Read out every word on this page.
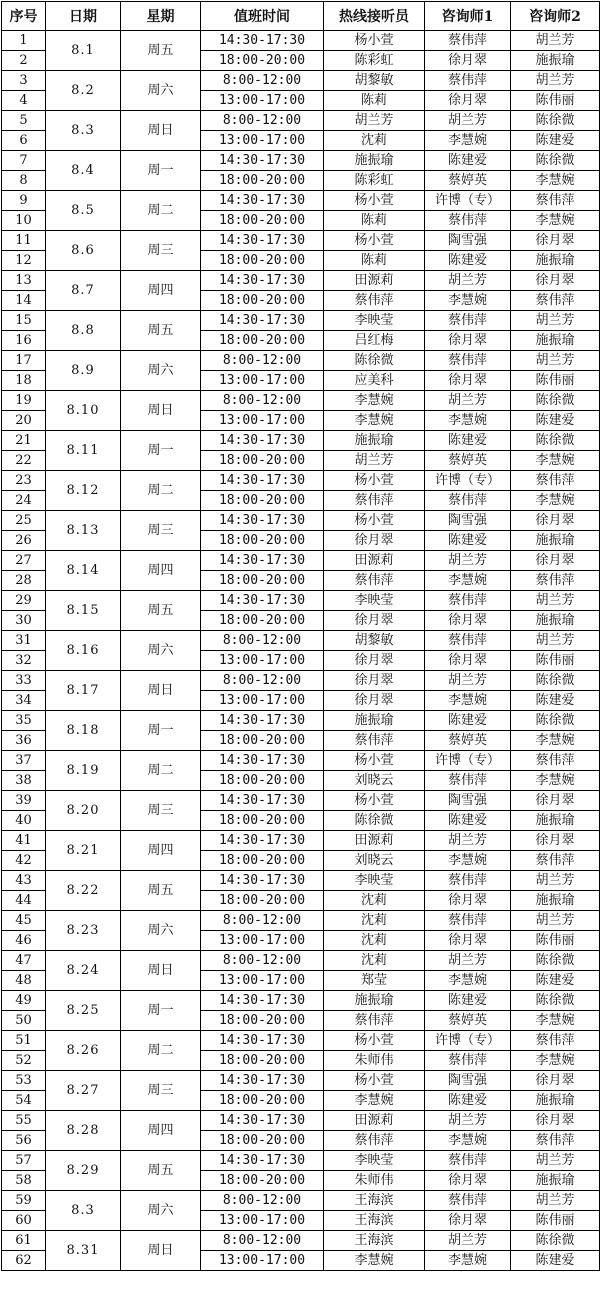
序号	日期	星期	值班时间	热线接听员	咨询师1	咨询师2
1	8.1	周五	14:30-17:30	杨小萱	蔡伟萍	胡兰芳
2			18:00-20:00	陈彩虹	徐月翠	施振瑜
3	8.2	周六	8:00-12:00	胡黎敏	蔡伟萍	胡兰芳
4			13:00-17:00	陈莉	徐月翠	陈伟丽
5	8.3	周日	8:00-12:00	胡兰芳	胡兰芳	陈徐微
6			13:00-17:00	沈莉	李慧婉	陈建爱
7	8.4	周一	14:30-17:30	施振瑜	陈建爱	陈徐微
8			18:00-20:00	陈彩虹	蔡婷英	李慧婉
9	8.5	周二	14:30-17:30	杨小萱	许博（专）	蔡伟萍
10			18:00-20:00	陈莉	蔡伟萍	李慧婉
11	8.6	周三	14:30-17:30	杨小萱	陶雪强	徐月翠
12			18:00-20:00	陈莉	陈建爱	施振瑜
13	8.7	周四	14:30-17:30	田源莉	胡兰芳	徐月翠
14			18:00-20:00	蔡伟萍	李慧婉	蔡伟萍
15	8.8	周五	14:30-17:30	李映莹	蔡伟萍	胡兰芳
16			18:00-20:00	吕红梅	徐月翠	施振瑜
17	8.9	周六	8:00-12:00	陈徐微	蔡伟萍	胡兰芳
18			13:00-17:00	应美科	徐月翠	陈伟丽
19	8.10	周日	8:00-12:00	李慧婉	胡兰芳	陈徐微
20			13:00-17:00	李慧婉	李慧婉	陈建爱
21	8.11	周一	14:30-17:30	施振瑜	陈建爱	陈徐微
22			18:00-20:00	胡兰芳	蔡婷英	李慧婉
23	8.12	周二	14:30-17:30	杨小萱	许博（专）	蔡伟萍
24			18:00-20:00	蔡伟萍	蔡伟萍	李慧婉
25	8.13	周三	14:30-17:30	杨小萱	陶雪强	徐月翠
26			18:00-20:00	徐月翠	陈建爱	施振瑜
27	8.14	周四	14:30-17:30	田源莉	胡兰芳	徐月翠
28			18:00-20:00	蔡伟萍	李慧婉	蔡伟萍
29	8.15	周五	14:30-17:30	李映莹	蔡伟萍	胡兰芳
30			18:00-20:00	徐月翠	徐月翠	施振瑜
31	8.16	周六	8:00-12:00	胡黎敏	蔡伟萍	胡兰芳
32			13:00-17:00	徐月翠	徐月翠	陈伟丽
33	8.17	周日	8:00-12:00	徐月翠	胡兰芳	陈徐微
34			13:00-17:00	徐月翠	李慧婉	陈建爱
35	8.18	周一	14:30-17:30	施振瑜	陈建爱	陈徐微
36			18:00-20:00	蔡伟萍	蔡婷英	李慧婉
37	8.19	周二	14:30-17:30	杨小萱	许博（专）	蔡伟萍
38			18:00-20:00	刘晓云	蔡伟萍	李慧婉
39	8.20	周三	14:30-17:30	杨小萱	陶雪强	徐月翠
40			18:00-20:00	陈徐微	陈建爱	施振瑜
41	8.21	周四	14:30-17:30	田源莉	胡兰芳	徐月翠
42			18:00-20:00	刘晓云	李慧婉	蔡伟萍
43	8.22	周五	14:30-17:30	李映莹	蔡伟萍	胡兰芳
44			18:00-20:00	沈莉	徐月翠	施振瑜
45	8.23	周六	8:00-12:00	沈莉	蔡伟萍	胡兰芳
46			13:00-17:00	沈莉	徐月翠	陈伟丽
47	8.24	周日	8:00-12:00	沈莉	胡兰芳	陈徐微
48			13:00-17:00	郑莹	李慧婉	陈建爱
49	8.25	周一	14:30-17:30	施振瑜	陈建爱	陈徐微
50			18:00-20:00	蔡伟萍	蔡婷英	李慧婉
51	8.26	周二	14:30-17:30	杨小萱	许博（专）	蔡伟萍
52			18:00-20:00	朱师伟	蔡伟萍	李慧婉
53	8.27	周三	14:30-17:30	杨小萱	陶雪强	徐月翠
54			18:00-20:00	李慧婉	陈建爱	施振瑜
55	8.28	周四	14:30-17:30	田源莉	胡兰芳	徐月翠
56			18:00-20:00	蔡伟萍	李慧婉	蔡伟萍
57	8.29	周五	14:30-17:30	李映莹	蔡伟萍	胡兰芳
58			18:00-20:00	朱师伟	徐月翠	施振瑜
59	8.3	周六	8:00-12:00	王海滨	蔡伟萍	胡兰芳
60			13:00-17:00	王海滨	徐月翠	陈伟丽
61	8.31	周日	8:00-12:00	王海滨	胡兰芳	陈徐微
62			13:00-17:00	李慧婉	李慧婉	陈建爱
